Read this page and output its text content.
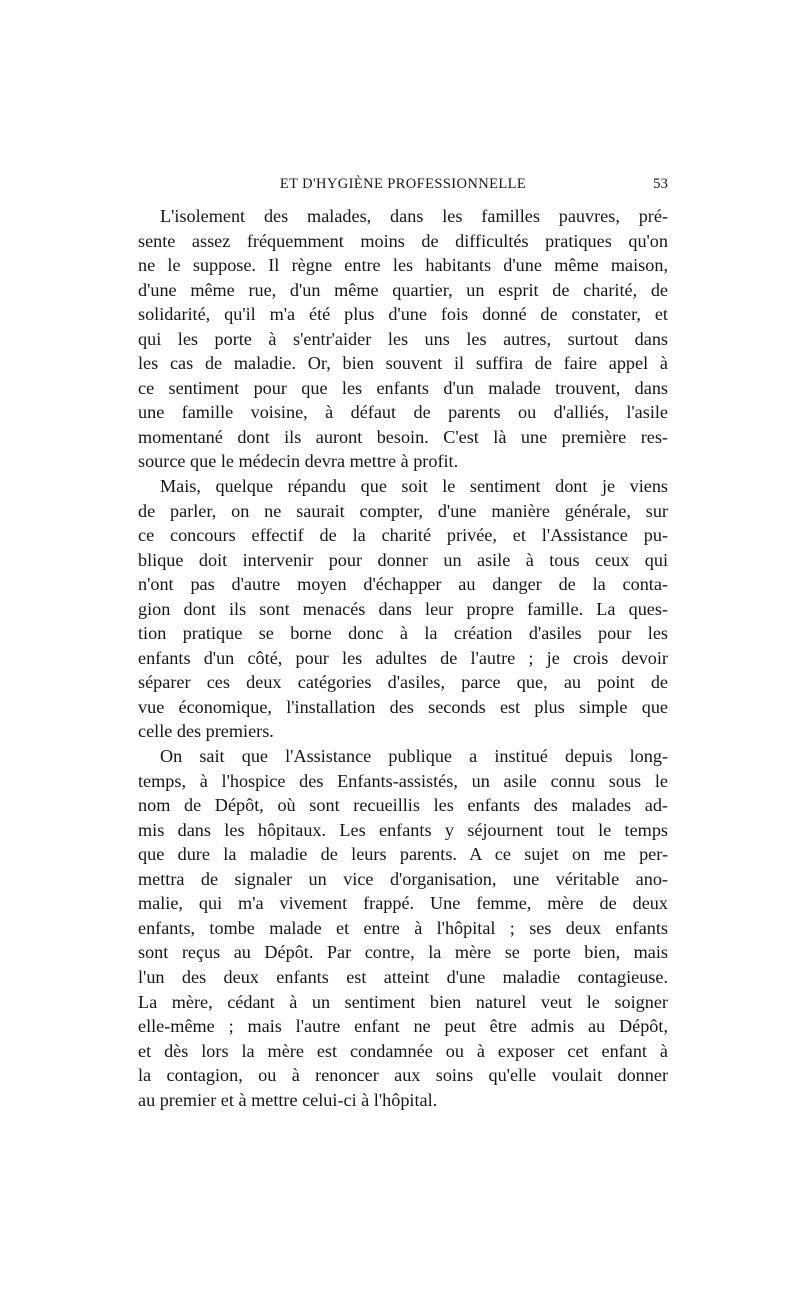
ET D'HYGIÈNE PROFESSIONNELLE	53
L'isolement des malades, dans les familles pauvres, pré-
sente assez fréquemment moins de difficultés pratiques qu'on
ne le suppose. Il règne entre les habitants d'une même maison,
d'une même rue, d'un même quartier, un esprit de charité, de
solidarité, qu'il m'a été plus d'une fois donné de constater, et
qui les porte à s'entr'aider les uns les autres, surtout dans
les cas de maladie. Or, bien souvent il suffira de faire appel à
ce sentiment pour que les enfants d'un malade trouvent, dans
une famille voisine, à défaut de parents ou d'alliés, l'asile
momentané dont ils auront besoin. C'est là une première res-
source que le médecin devra mettre à profit.
Mais, quelque répandu que soit le sentiment dont je viens
de parler, on ne saurait compter, d'une manière générale, sur
ce concours effectif de la charité privée, et l'Assistance pu-
blique doit intervenir pour donner un asile à tous ceux qui
n'ont pas d'autre moyen d'échapper au danger de la conta-
gion dont ils sont menacés dans leur propre famille. La ques-
tion pratique se borne donc à la création d'asiles pour les
enfants d'un côté, pour les adultes de l'autre ; je crois devoir
séparer ces deux catégories d'asiles, parce que, au point de
vue économique, l'installation des seconds est plus simple que
celle des premiers.
On sait que l'Assistance publique a institué depuis long-
temps, à l'hospice des Enfants-assistés, un asile connu sous le
nom de Dépôt, où sont recueillis les enfants des malades ad-
mis dans les hôpitaux. Les enfants y séjournent tout le temps
que dure la maladie de leurs parents. A ce sujet on me per-
mettra de signaler un vice d'organisation, une véritable ano-
malie, qui m'a vivement frappé. Une femme, mère de deux
enfants, tombe malade et entre à l'hôpital ; ses deux enfants
sont reçus au Dépôt. Par contre, la mère se porte bien, mais
l'un des deux enfants est atteint d'une maladie contagieuse.
La mère, cédant à un sentiment bien naturel veut le soigner
elle-même ; mais l'autre enfant ne peut être admis au Dépôt,
et dès lors la mère est condamnée ou à exposer cet enfant à
la contagion, ou à renoncer aux soins qu'elle voulait donner
au premier et à mettre celui-ci à l'hôpital.
